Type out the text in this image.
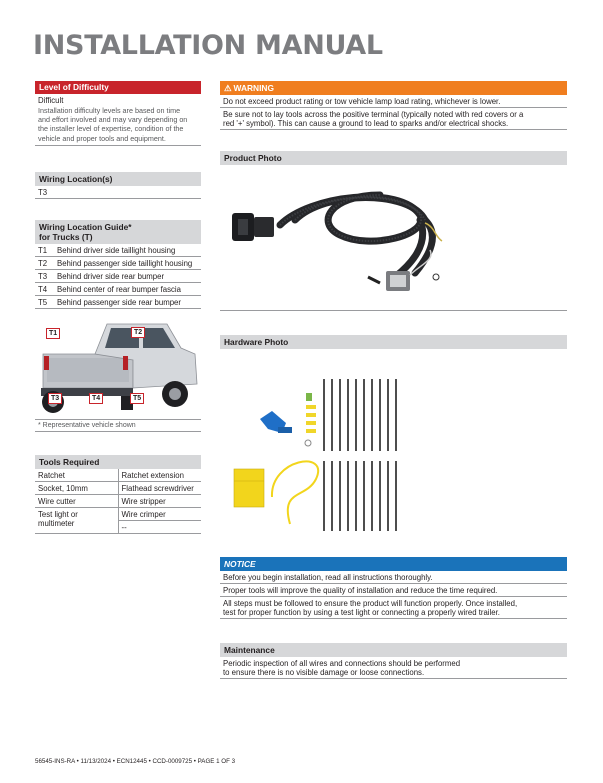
INSTALLATION MANUAL
Level of Difficulty
Difficult
Installation difficulty levels are based on time
and effort involved and may vary depending on
the installer level of expertise, condition of the
vehicle and proper tools and equipment.
Wiring Location(s)
T3
Wiring Location Guide*
for Trucks (T)
T1	Behind driver side taillight housing
T2	Behind passenger side taillight housing
T3	Behind driver side rear bumper
T4	Behind center of rear bumper fascia
T5	Behind passenger side rear bumper
T1	T2
T3	T4	T5
* Representative vehicle shown
Tools Required
Ratchet	Ratchet extension
Socket, 10mm	Flathead screwdriver
Wire cutter	Wire stripper
Test light or multimeter	Wire crimper
	--
⚠ WARNING
Do not exceed product rating or tow vehicle lamp load rating, whichever is lower.
Be sure not to lay tools across the positive terminal (typically noted with red covers or a
red '+' symbol). This can cause a ground to lead to sparks and/or electrical shocks.
Product Photo
Hardware Photo
NOTICE
Before you begin installation, read all instructions thoroughly.
Proper tools will improve the quality of installation and reduce the time required.
All steps must be followed to ensure the product will function properly. Once installed,
test for proper function by using a test light or connecting a properly wired trailer.
Maintenance
Periodic inspection of all wires and connections should be performed
to ensure there is no visible damage or loose connections.
56545-INS-RA • 11/13/2024 • ECN12445 • CCD-0009725 • PAGE 1 OF 3
